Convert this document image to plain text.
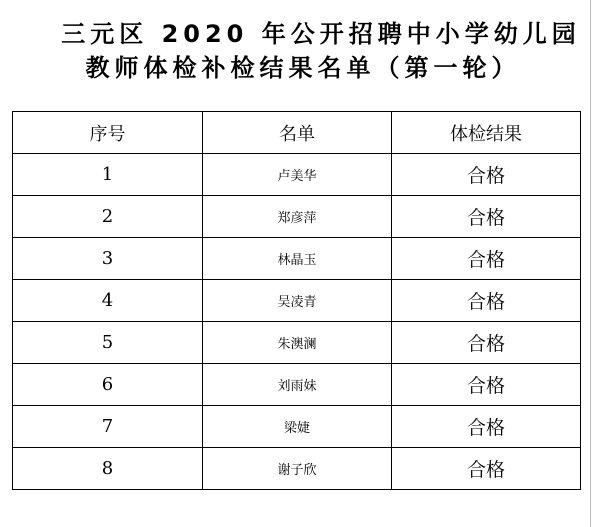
三元区 2020 年公开招聘中小学幼儿园
教师体检补检结果名单（第一轮）
序号	名单	体检结果
1	卢美华	合格
2	郑彦萍	合格
3	林晶玉	合格
4	吴凌青	合格
5	朱澳澜	合格
6	刘雨妹	合格
7	梁婕	合格
8	谢子欣	合格
